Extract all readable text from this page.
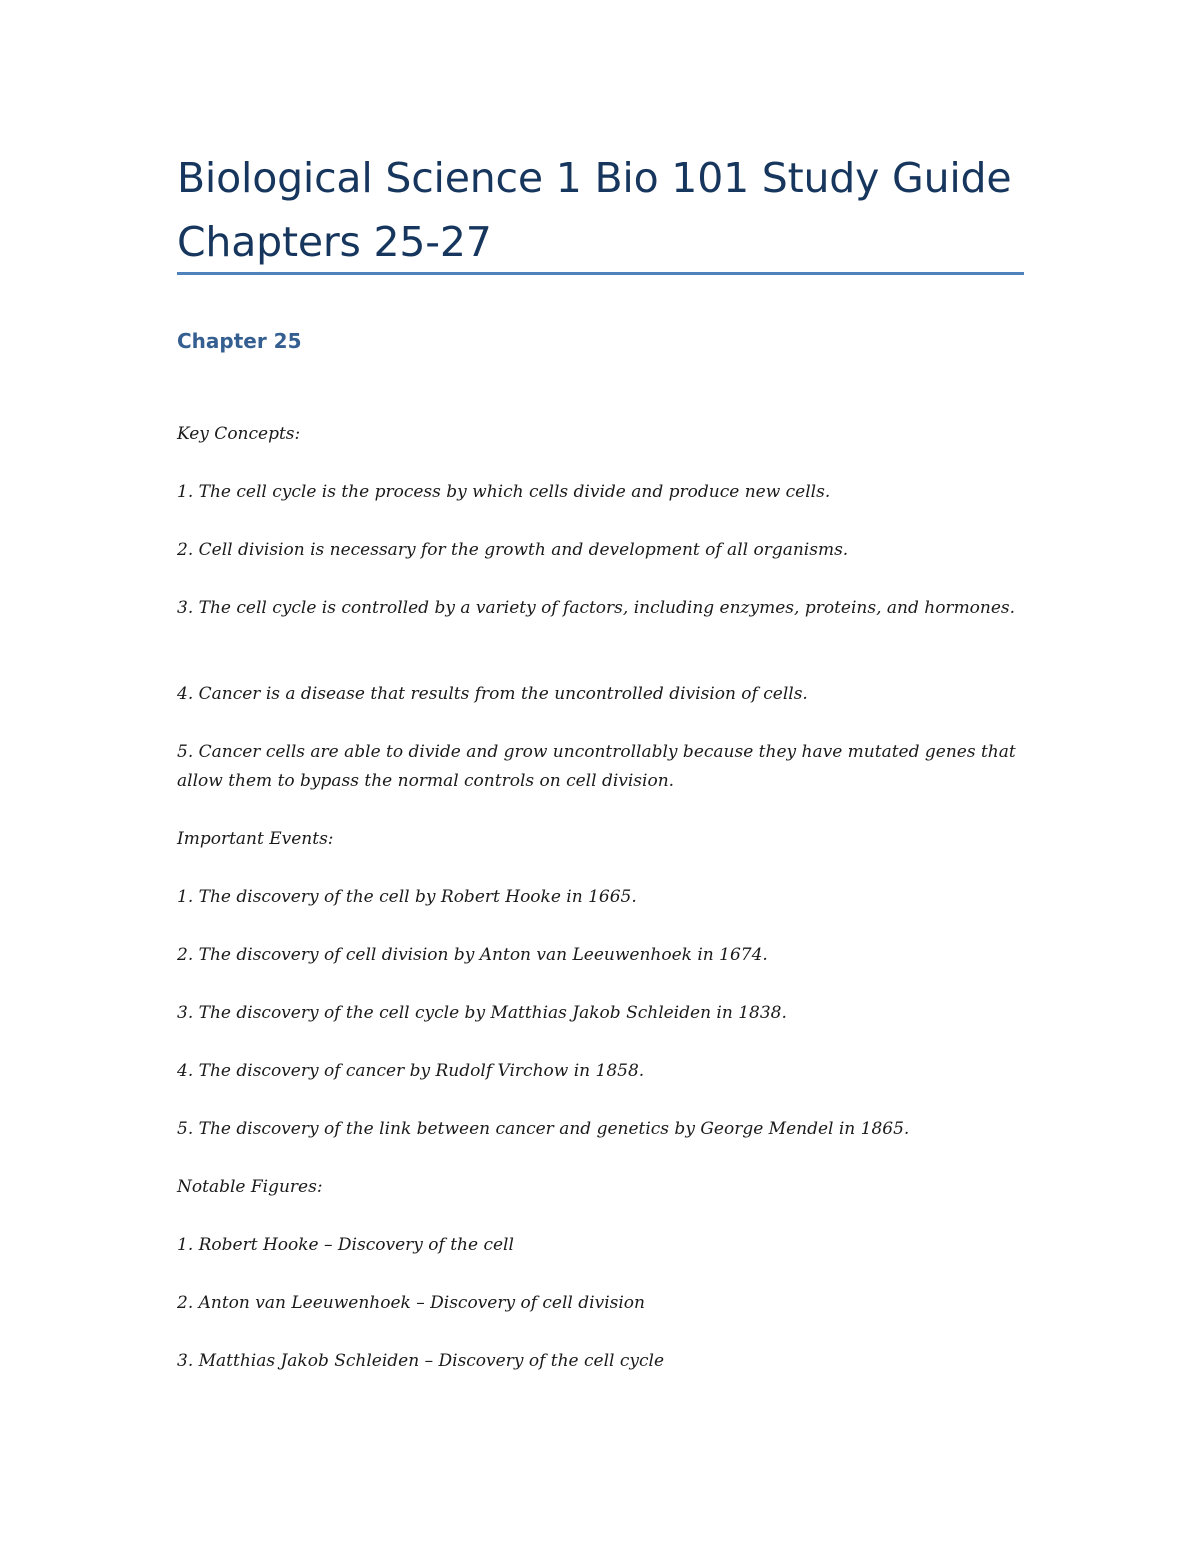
Biological Science 1 Bio 101 Study Guide Chapters 25-27
Chapter 25

Key Concepts:

1. The cell cycle is the process by which cells divide and produce new cells.

2. Cell division is necessary for the growth and development of all organisms.

3. The cell cycle is controlled by a variety of factors, including enzymes, proteins, and hormones.

4. Cancer is a disease that results from the uncontrolled division of cells.

5. Cancer cells are able to divide and grow uncontrollably because they have mutated genes that allow them to bypass the normal controls on cell division.

Important Events:

1. The discovery of the cell by Robert Hooke in 1665.

2. The discovery of cell division by Anton van Leeuwenhoek in 1674.

3. The discovery of the cell cycle by Matthias Jakob Schleiden in 1838.

4. The discovery of cancer by Rudolf Virchow in 1858.

5. The discovery of the link between cancer and genetics by George Mendel in 1865.

Notable Figures:

1. Robert Hooke – Discovery of the cell

2. Anton van Leeuwenhoek – Discovery of cell division

3. Matthias Jakob Schleiden – Discovery of the cell cycle
